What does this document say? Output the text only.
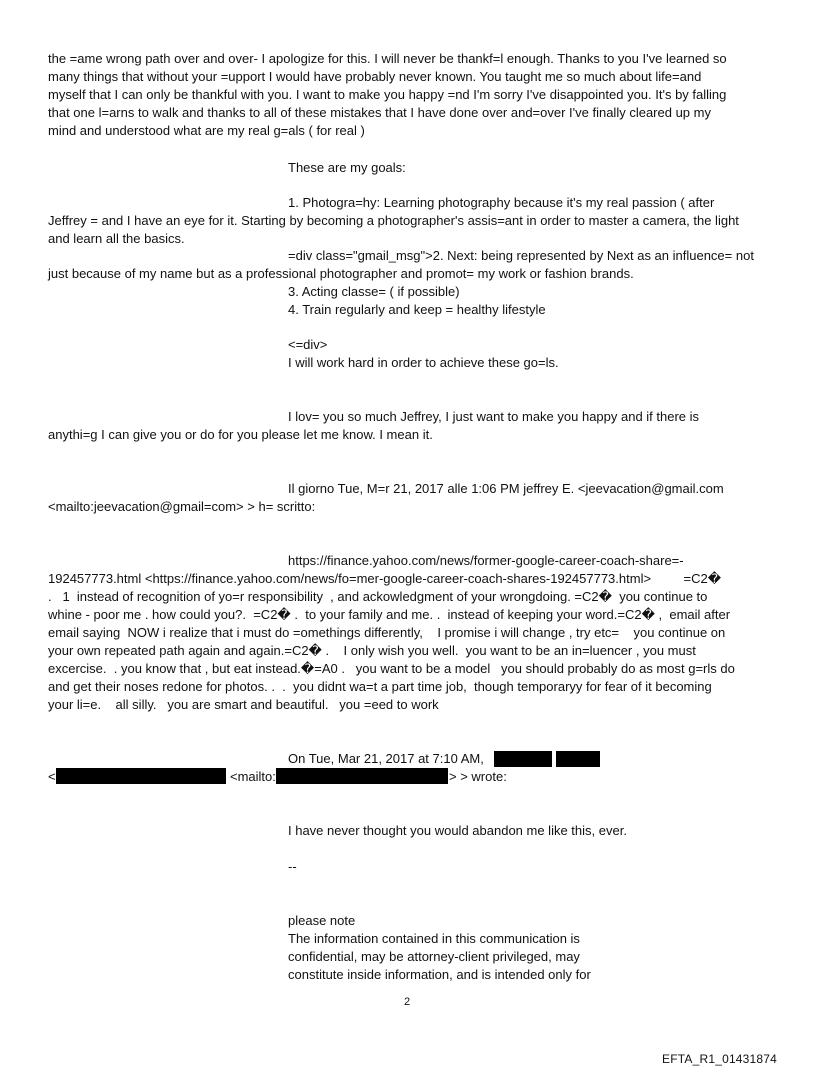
the =ame wrong path over and over- I apologize for this. I will never be thankf=l enough. Thanks to you I've learned so
many things that without your =upport I would have probably never known. You taught me so much about life=and
myself that I can only be thankful with you. I want to make you happy =nd I'm sorry I've disappointed you. It's by falling
that one l=arns to walk and thanks to all of these mistakes that I have done over and=over I've finally cleared up my
mind and understood what are my real g=als ( for real )
These are my goals:
1. Photogra=hy: Learning photography because it's my real passion ( after
Jeffrey = and I have an eye for it. Starting by becoming a photographer's assis=ant in order to master a camera, the light
and learn all the basics.
=div class="gmail_msg">2. Next: being represented by Next as an influence= not
just because of my name but as a professional photographer and promot= my work or fashion brands.
3. Acting classe= ( if possible)
4. Train regularly and keep = healthy lifestyle
<=div>
I will work hard in order to achieve these go=ls.
I lov= you so much Jeffrey, I just want to make you happy and if there is
anythi=g I can give you or do for you please let me know. I mean it.
Il giorno Tue, M=r 21, 2017 alle 1:06 PM jeffrey E. <jeevacation@gmail.com
<mailto:jeevacation@gmail=com> > h= scritto:
https://finance.yahoo.com/news/former-google-career-coach-share=-
192457773.html <https://finance.yahoo.com/news/fo=mer-google-career-coach-shares-192457773.html>         =C2�
.   1  instead of recognition of yo=r responsibility  , and ackowledgment of your wrongdoing. =C2�  you continue to
whine - poor me . how could you?.  =C2� .  to your family and me. .  instead of keeping your word.=C2� ,  email after
email saying  NOW i realize that i must do =omethings differently,    I promise i will change , try etc=    you continue on
your own repeated path again and again.=C2� .    I only wish you well.  you want to be an in=luencer , you must
excercise.  . you know that , but eat instead.�=A0 .   you want to be a model   you should probably do as most g=rls do
and get their noses redone for photos. .  .  you didnt wa=t a part time job,  though temporaryy for fear of it becoming
your li=e.    all silly.   you are smart and beautiful.   you =eed to work
On Tue, Mar 21, 2017 at 7:10 AM,
<	<mailto:	> > wrote:
I have never thought you would abandon me like this, ever.
--
please note
The information contained in this communication is
confidential, may be attorney-client privileged, may
constitute inside information, and is intended only for
2
EFTA_R1_01431874
